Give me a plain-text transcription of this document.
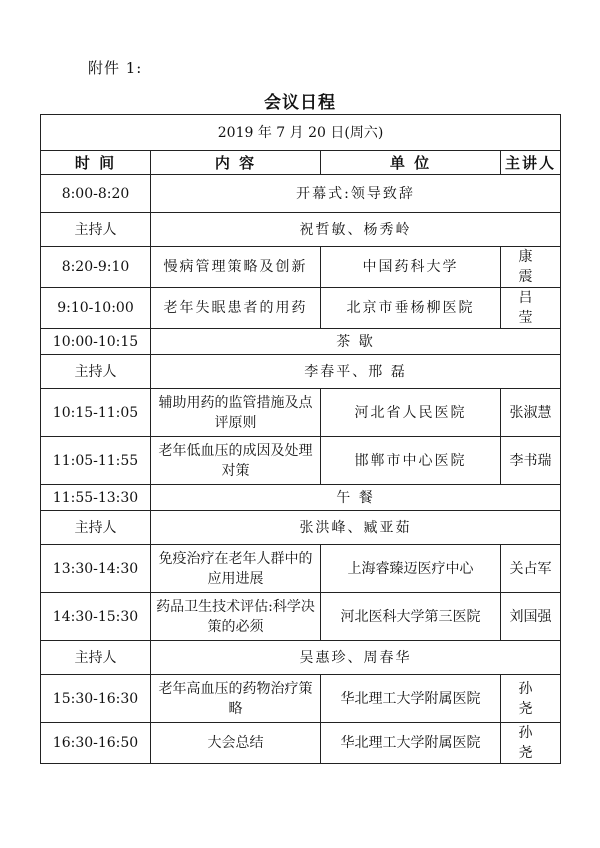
附件 1:
会议日程
2019 年 7 月 20 日(周六)			
时 间	内 容	单 位	主讲人
8:00-8:20	开幕式:领导致辞		
主持人	祝哲敏、杨秀岭		
8:20-9:10	慢病管理策略及创新	中国药科大学	康 震
9:10-10:00	老年失眠患者的用药	北京市垂杨柳医院	吕 莹
10:00-10:15	茶 歇		
主持人	李春平、邢 磊		
10:15-11:05	辅助用药的监管措施及点评原则	河北省人民医院	张淑慧
11:05-11:55	老年低血压的成因及处理对策	邯郸市中心医院	李书瑞
11:55-13:30	午 餐		
主持人	张洪峰、臧亚茹		
13:30-14:30	免疫治疗在老年人群中的应用进展	上海睿臻迈医疗中心	关占军
14:30-15:30	药品卫生技术评估:科学决策的必须	河北医科大学第三医院	刘国强
主持人	吴惠珍、周春华		
15:30-16:30	老年高血压的药物治疗策略	华北理工大学附属医院	孙 尧
16:30-16:50	大会总结	华北理工大学附属医院	孙 尧
